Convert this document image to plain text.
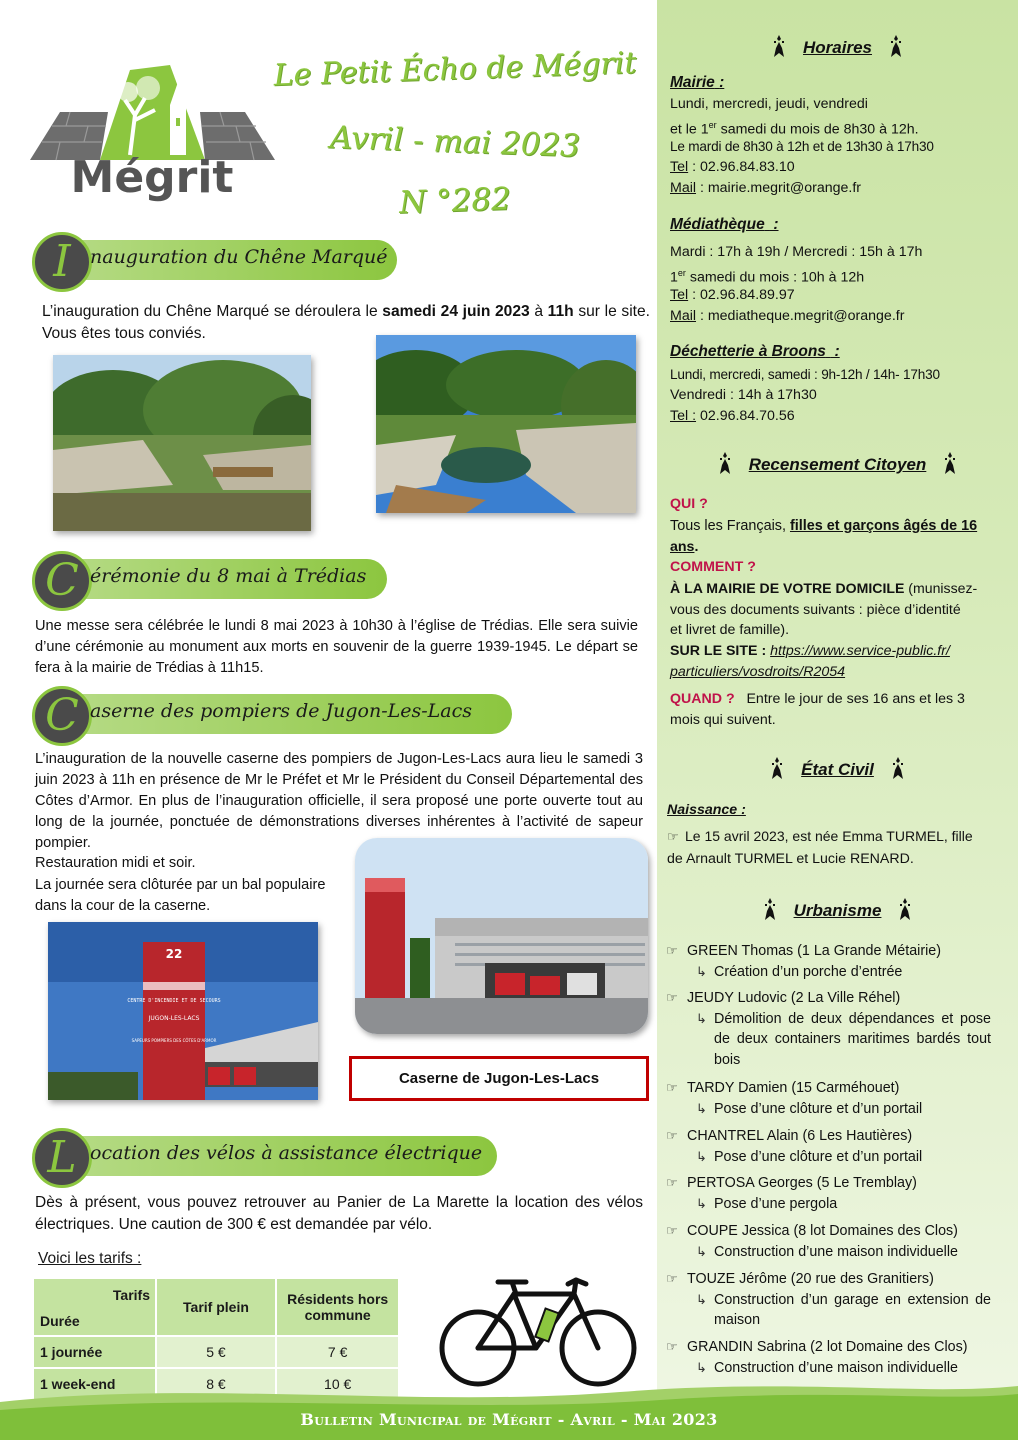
Horaires
Mairie :
Lundi, mercredi, jeudi, vendredi
et le 1er samedi du mois de 8h30 à 12h.
Le mardi de 8h30 à 12h et de 13h30 à 17h30
Tel : 02.96.84.83.10
Mail : mairie.megrit@orange.fr
Médiathèque  :
Mardi : 17h à 19h / Mercredi : 15h à 17h
1er samedi du mois : 10h à 12h
Tel : 02.96.84.89.97
Mail : mediatheque.megrit@orange.fr
Déchetterie à Broons  :
Lundi, mercredi, samedi : 9h-12h / 14h- 17h30
Vendredi : 14h à 17h30
Tel : 02.96.84.70.56
Recensement Citoyen
QUI ?
Tous les Français, filles et garçons âgés de 16
ans.
COMMENT ?
À LA MAIRIE DE VOTRE DOMICILE (munissez-
vous des documents suivants : pièce d’identité
et livret de famille).
SUR LE SITE : https://www.service-public.fr/
particuliers/vosdroits/R2054
QUAND ? Entre le jour de ses 16 ans et les 3
mois qui suivent.
État Civil
Naissance :
☞ Le 15 avril 2023, est née Emma TURMEL, fille
de Arnault TURMEL et Lucie RENARD.
Urbanisme
☞ GREEN Thomas (1 La Grande Métairie)
↳ Création d’un porche d’entrée
☞ JEUDY Ludovic (2 La Ville Réhel)
↳ Démolition de deux dépendances et pose de deux containers maritimes bardés tout bois
☞ TARDY Damien (15 Carméhouet)
↳ Pose d’une clôture et d’un portail
☞ CHANTREL Alain (6 Les Hautières)
↳ Pose d’une clôture et d’un portail
☞ PERTOSA Georges (5 Le Tremblay)
↳ Pose d’une pergola
☞ COUPE Jessica (8 lot Domaines des Clos)
↳ Construction d’une maison individuelle
☞ TOUZE Jérôme (20 rue des Granitiers)
↳ Construction d’un garage en extension de maison
☞ GRANDIN Sabrina (2 lot Domaine des Clos)
↳ Construction d’une maison individuelle
Mégrit
Le Petit Écho de Mégrit
Avril - mai 2023
N °282
I	nauguration du Chêne Marqué
L’inauguration du Chêne Marqué se déroulera le samedi 24 juin 2023 à 11h sur le site. Vous êtes tous conviés.
C érémonie du 8 mai à Trédias
Une messe sera célébrée le lundi 8 mai 2023 à 10h30 à l’église de Trédias. Elle sera suivie d’une cérémonie au monument aux morts en souvenir de la guerre 1939-1945. Le départ se fera à la mairie de Trédias à 11h15.
C aserne des pompiers de Jugon-Les-Lacs
L’inauguration de la nouvelle caserne des pompiers de Jugon-Les-Lacs aura lieu le samedi 3 juin 2023 à 11h en présence de Mr le Préfet et Mr le Président du Conseil Départemental des Côtes d’Armor. En plus de l’inauguration officielle, il sera proposé une porte ouverte tout au long de la journée, ponctuée de démonstrations diverses inhérentes à l’activité de sapeur pompier.
Restauration midi et soir.
La journée sera clôturée par un bal populaire dans la cour de la caserne.
22
CENTRE D'INCENDIE ET DE SECOURS
JUGON-LES-LACS
SAPEURS POMPIERS DES CÔTES D'ARMOR
Caserne de Jugon-Les-Lacs
L ocation des vélos à assistance électrique
Dès à présent, vous pouvez retrouver au Panier de La Marette la location des vélos électriques. Une caution de 300 € est demandée par vélo.
Voici les tarifs :
Tarifs
Durée	Tarif plein	Résidents hors commune
1 journée	5 €	7 €
1 week-end	8 €	10 €
Bulletin Municipal de Mégrit - Avril - Mai 2023
